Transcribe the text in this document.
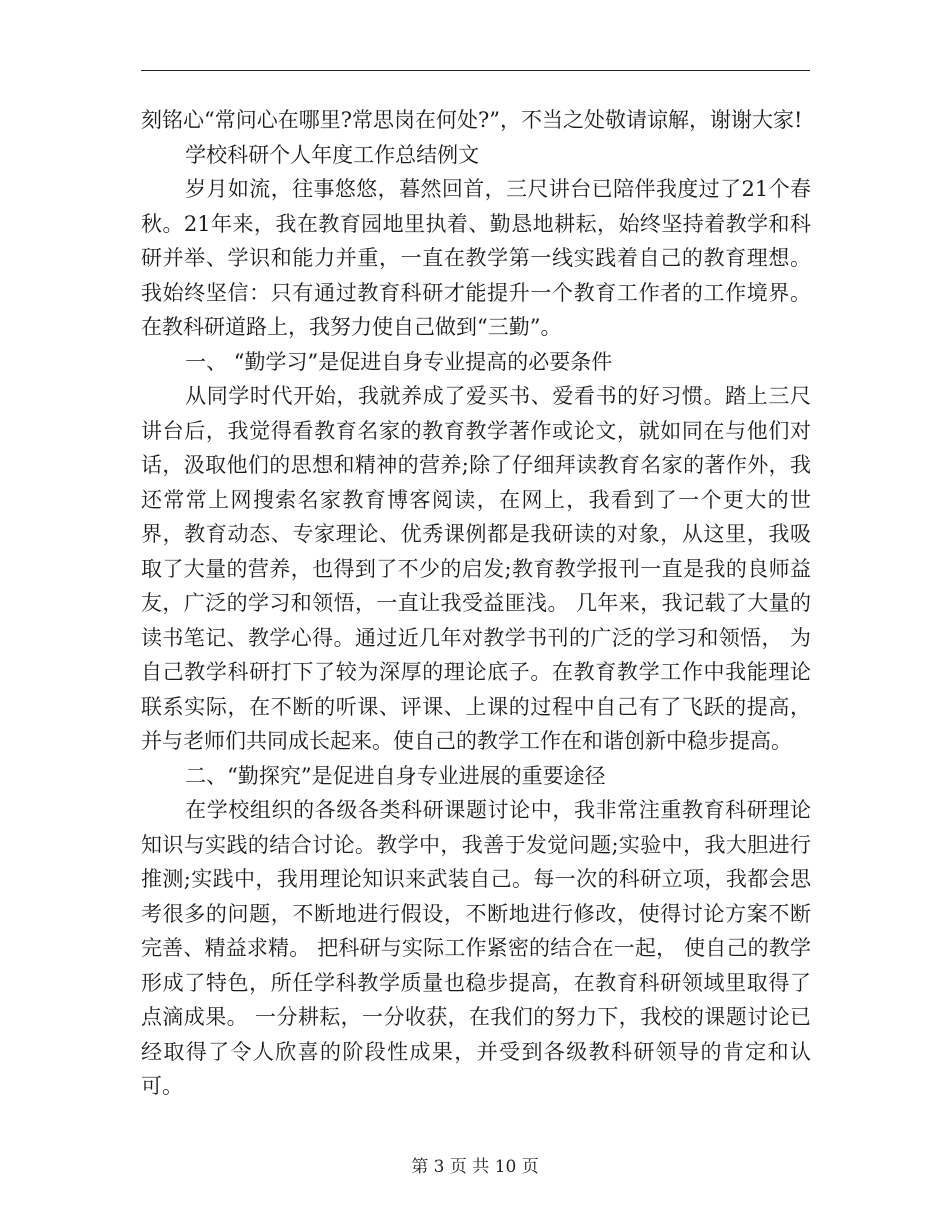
刻铭心“常问心在哪里?常思岗在何处?”，不当之处敬请谅解，谢谢大家!

学校科研个人年度工作总结例文

岁月如流，往事悠悠，暮然回首，三尺讲台已陪伴我度过了21个春秋。21年来，我在教育园地里执着、勤恳地耕耘，始终坚持着教学和科研并举、学识和能力并重，一直在教学第一线实践着自己的教育理想。 我始终坚信：只有通过教育科研才能提升一个教育工作者的工作境界。在教科研道路上，我努力使自己做到“三勤”。

一、 “勤学习”是促进自身专业提高的必要条件

从同学时代开始，我就养成了爱买书、爱看书的好习惯。踏上三尺讲台后，我觉得看教育名家的教育教学著作或论文，就如同在与他们对话，汲取他们的思想和精神的营养;除了仔细拜读教育名家的著作外，我还常常上网搜索名家教育博客阅读，在网上，我看到了一个更大的世界，教育动态、专家理论、优秀课例都是我研读的对象，从这里，我吸取了大量的营养，也得到了不少的启发;教育教学报刊一直是我的良师益友，广泛的学习和领悟，一直让我受益匪浅。 几年来，我记载了大量的读书笔记、教学心得。通过近几年对教学书刊的广泛的学习和领悟， 为自己教学科研打下了较为深厚的理论底子。在教育教学工作中我能理论联系实际，在不断的听课、评课、上课的过程中自己有了飞跃的提高，并与老师们共同成长起来。使自己的教学工作在和谐创新中稳步提高。

二、“勤探究”是促进自身专业进展的重要途径

在学校组织的各级各类科研课题讨论中，我非常注重教育科研理论知识与实践的结合讨论。教学中，我善于发觉问题;实验中，我大胆进行推测;实践中，我用理论知识来武装自己。每一次的科研立项，我都会思考很多的问题，不断地进行假设，不断地进行修改，使得讨论方案不断完善、精益求精。 把科研与实际工作紧密的结合在一起， 使自己的教学形成了特色，所任学科教学质量也稳步提高，在教育科研领域里取得了点滴成果。 一分耕耘，一分收获，在我们的努力下，我校的课题讨论已经取得了令人欣喜的阶段性成果，并受到各级教科研领导的肯定和认可。

第 3 页 共 10 页
